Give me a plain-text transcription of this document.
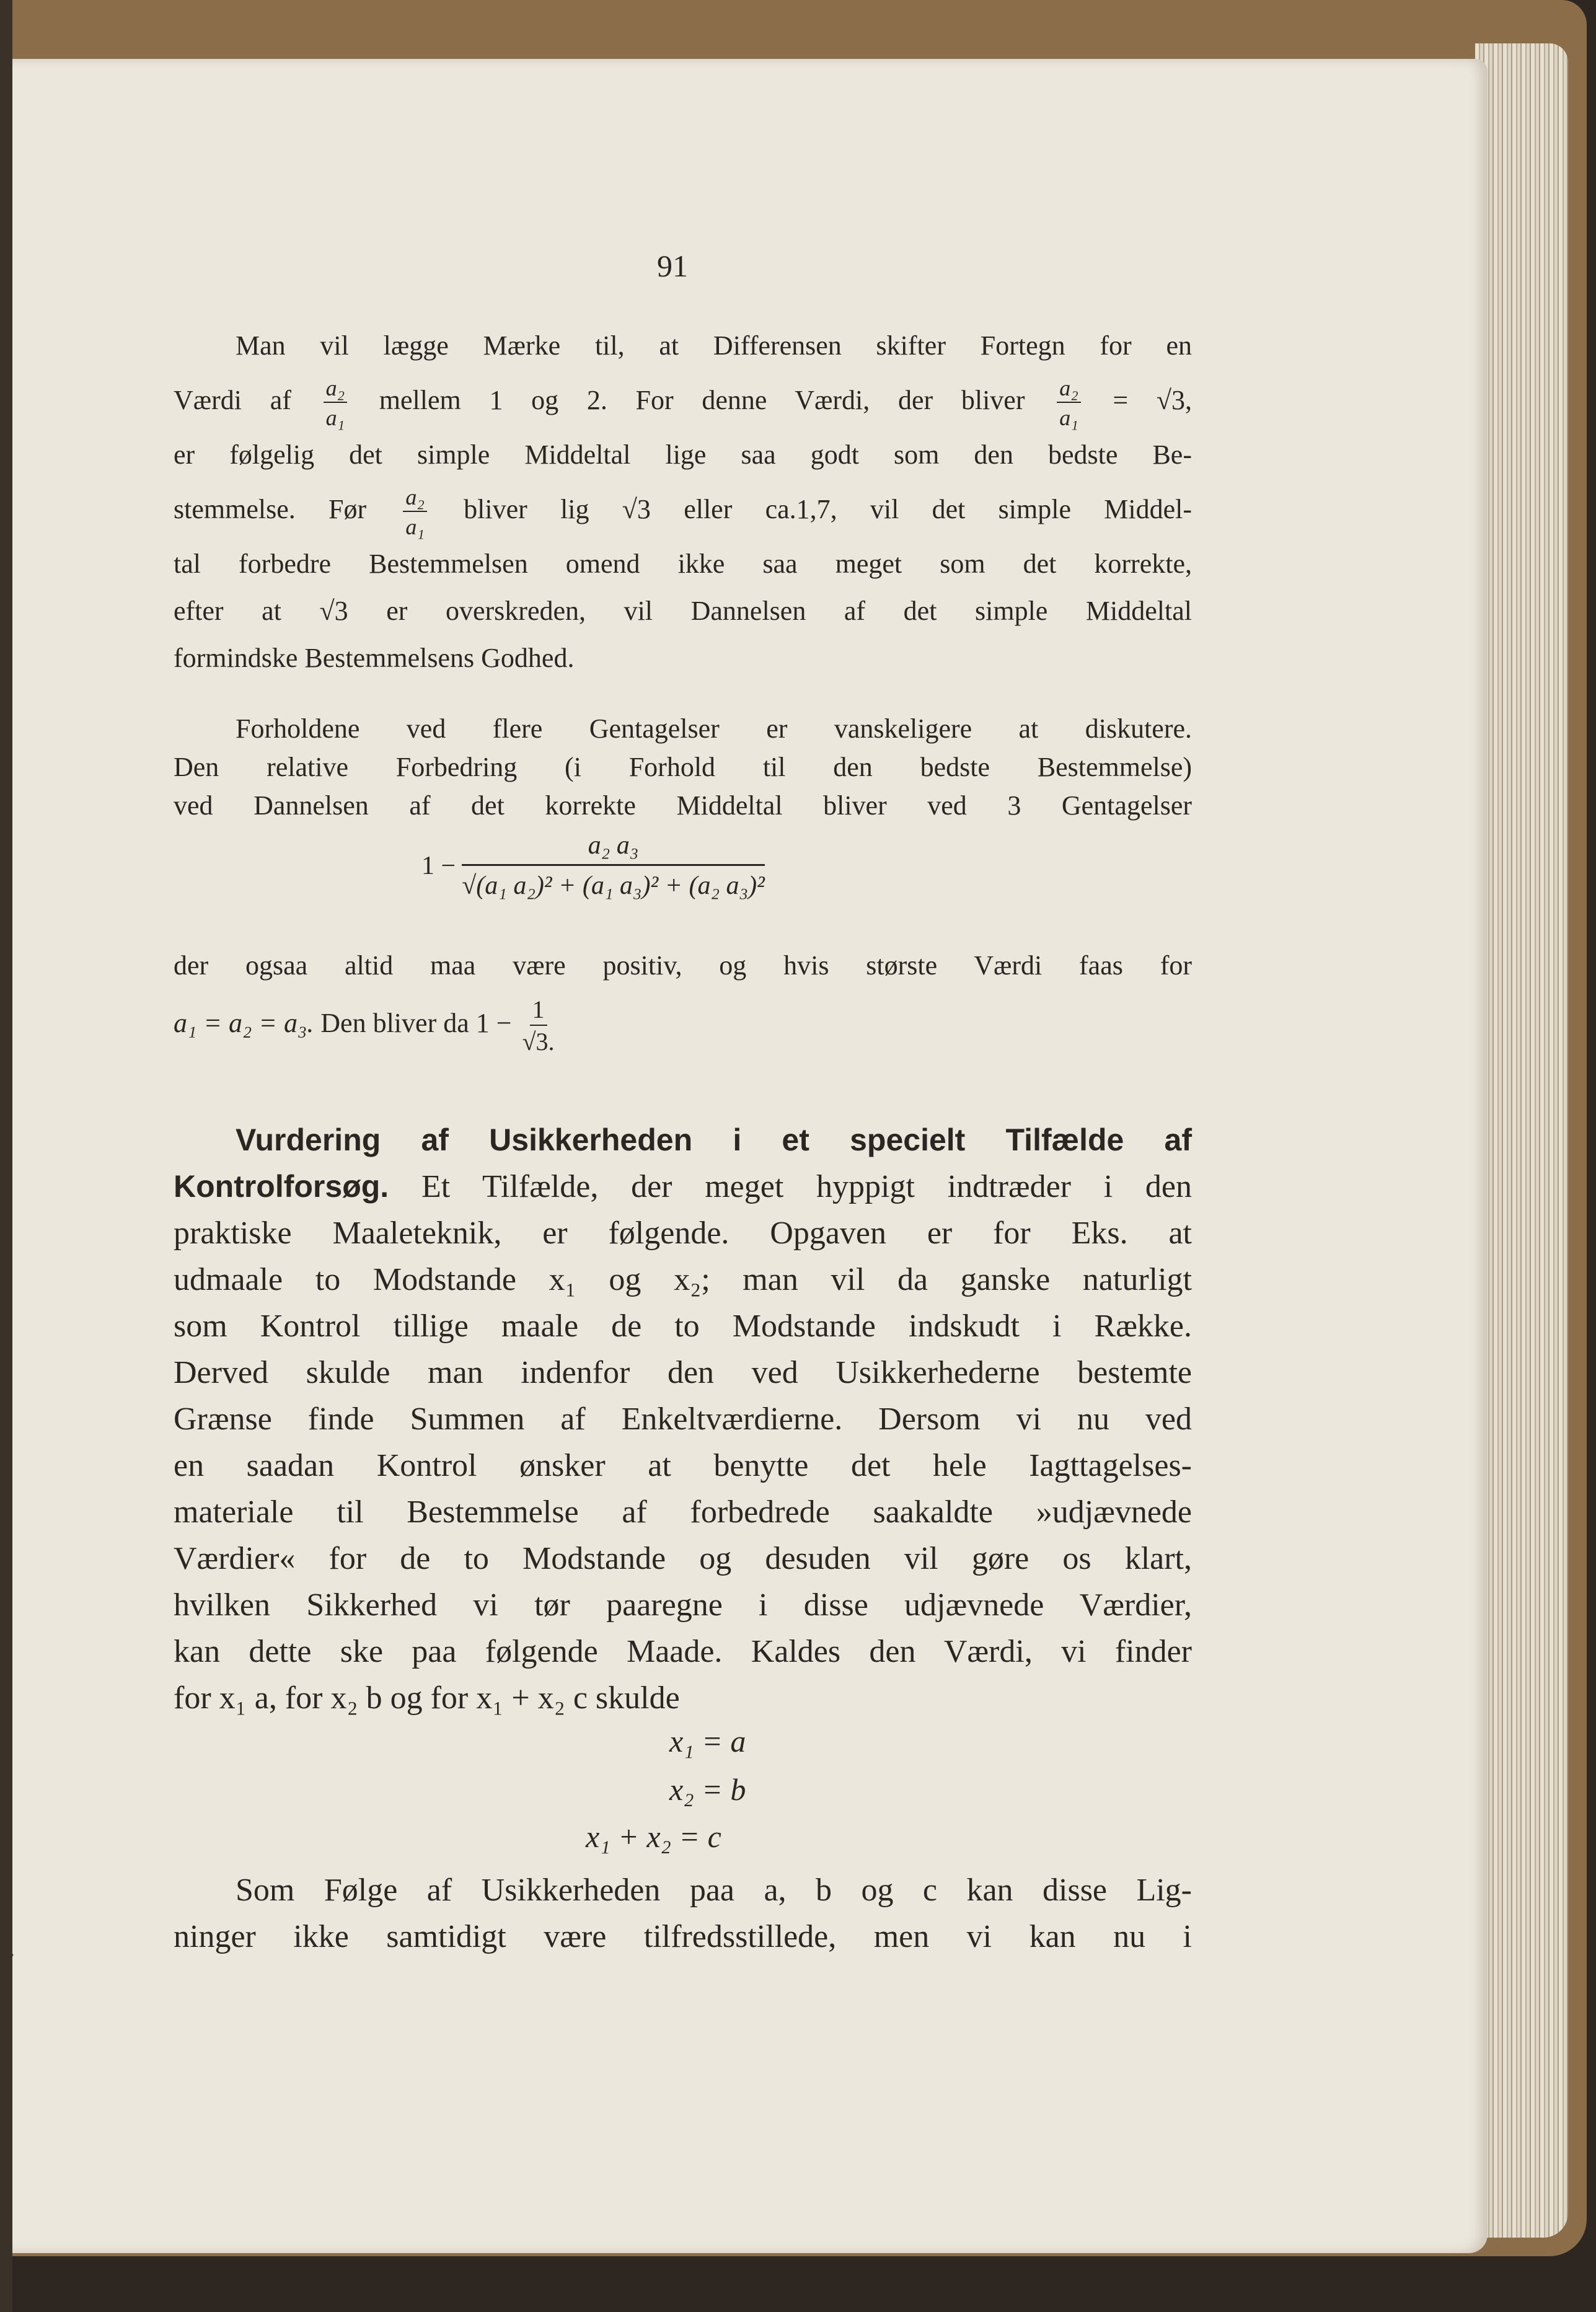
91
Man vil lægge Mærke til, at Differensen skifter Fortegn for en
Værdi af $\frac{\text{a₂}}{\text{a₁}}$ mellem 1 og 2. For denne Værdi, der bliver $\frac{\text{a₂}}{\text{a₁}} = √3$,
er følgelig det simple Middeltal lige saa godt som den bedste Be-
stemmelse. Før $\frac{\text{a₂}}{\text{a₁}}$ bliver lig √3 eller ca.1,7, vil det simple Middel-
tal forbedre Bestemmelsen omend ikke saa meget som det korrekte,
efter at √3 er overskreden, vil Dannelsen af det simple Middeltal
formindske Bestemmelsens Godhed.
Forholdene ved flere Gentagelser er vanskeligere at diskutere.
Den relative Forbedring (i Forhold til den bedste Bestemmelse)
ved Dannelsen af det korrekte Middeltal bliver ved 3 Gentagelser
$1 - \frac{\text{a₂ a₃}}{\text{√(a₁ a₂)² + (a₁ a₃)² + (a₂ a₃)²}}$
der ogsaa altid maa være positiv, og hvis største Værdi faas for
a₁ = a₂ = a₃. Den bliver da $1 - \frac{1}{√3.}$
Vurdering af Usikkerheden i et specielt Tilfælde af
Kontrolforsøg. Et Tilfælde, der meget hyppigt indtræder i den
praktiske Maaleteknik, er følgende. Opgaven er for Eks. at
udmaale to Modstande x₁ og x₂; man vil da ganske naturligt
som Kontrol tillige maale de to Modstande indskudt i Række.
Derved skulde man indenfor den ved Usikkerhederne bestemte
Grænse finde Summen af Enkeltværdierne. Dersom vi nu ved
en saadan Kontrol ønsker at benytte det hele Iagttagelses-
materiale til Bestemmelse af forbedrede saakaldte »udjævnede
Værdier« for de to Modstande og desuden vil gøre os klart,
hvilken Sikkerhed vi tør paaregne i disse udjævnede Værdier,
kan dette ske paa følgende Maade. Kaldes den Værdi, vi finder
for x₁ a, for x₂ b og for x₁ + x₂ c skulde
x₁ = a
x₂ = b
x₁ + x₂ = c
Som Følge af Usikkerheden paa a, b og c kan disse Lig-
ninger ikke samtidigt være tilfredsstillede, men vi kan nu i
